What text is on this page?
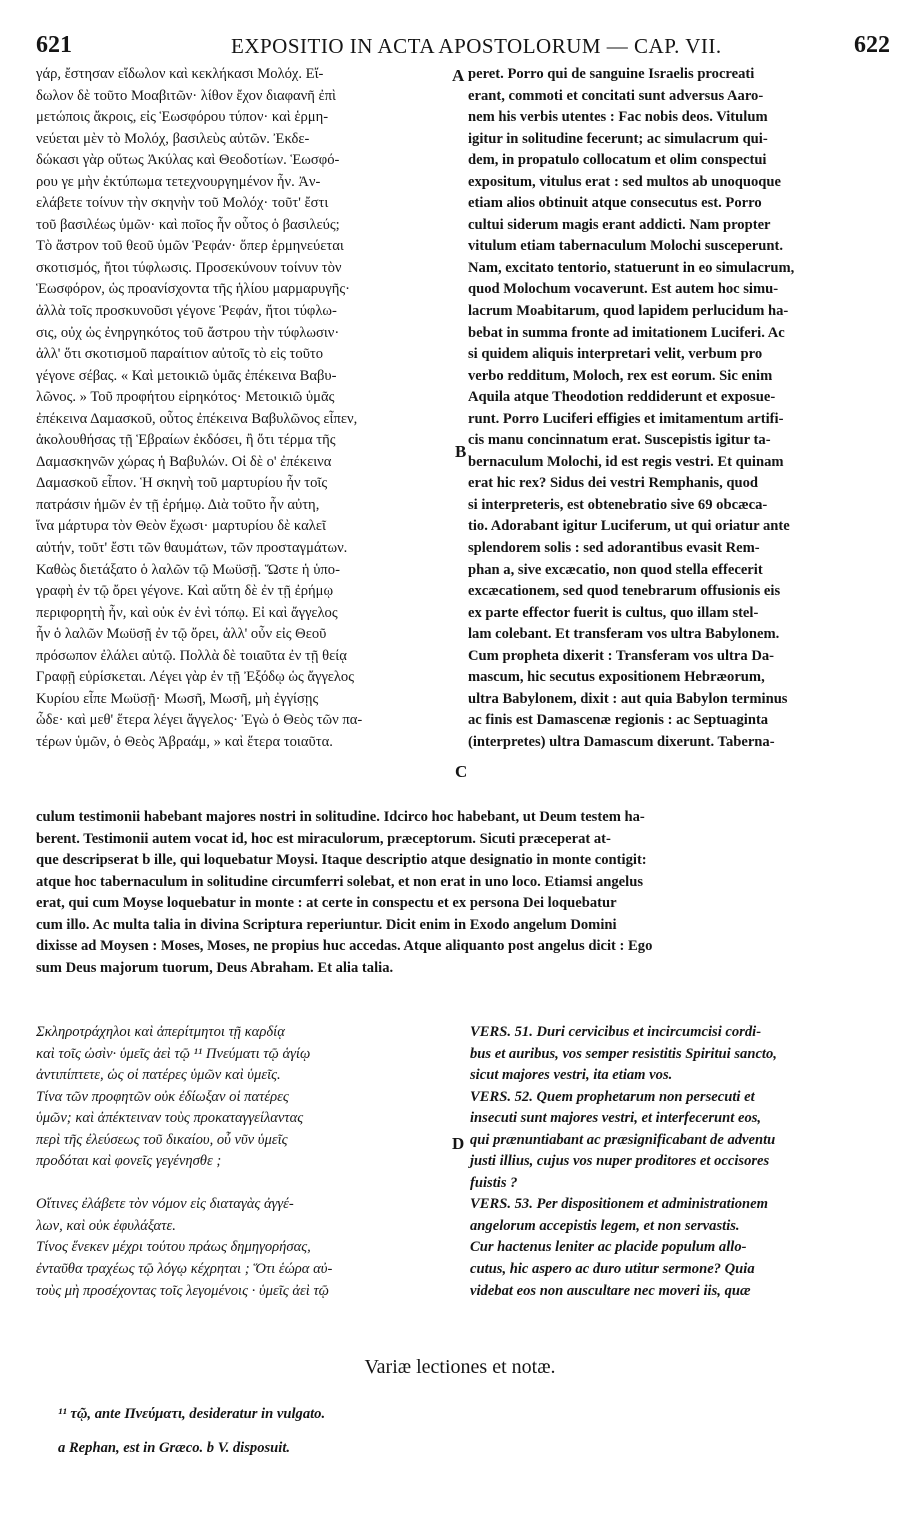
621	EXPOSITIO IN ACTA APOSTOLORUM — CAP. VII.	622
γάρ, ἔστησαν εἴδωλον καὶ κεκλήκασι Μολόχ. Εἴ-
δωλον δὲ τοῦτο Μοαβιτῶν· λίθον ἔχον διαφανῆ ἐπὶ
μετώποις ἄκροις, εἰς Ἑωσφόρου τύπον· καὶ ἑρμη-
νεύεται μὲν τὸ Μολόχ, βασιλεὺς αὐτῶν. Ἐκδε-
δώκασι γὰρ οὕτως Ἀκύλας καὶ Θεοδοτίων. Ἑωσφό-
ρου γε μὴν ἐκτύπωμα τετεχνουργημένον ἦν. Ἀν-
ελάβετε τοίνυν τὴν σκηνὴν τοῦ Μολόχ· τοῦτ' ἔστι
τοῦ βασιλέως ὑμῶν· καὶ ποῖος ἦν οὗτος ὁ βασιλεύς;
Τὸ ἄστρον τοῦ θεοῦ ὑμῶν Ῥεφάν· ὅπερ ἑρμηνεύεται
σκοτισμός, ἤτοι τύφλωσις. Προσεκύνουν τοίνυν τὸν
Ἑωσφόρον, ὡς προανίσχοντα τῆς ἡλίου μαρμαρυγῆς·
ἀλλὰ τοῖς προσκυνοῦσι γέγονε Ῥεφάν, ἤτοι τύφλω-
σις, οὐχ ὡς ἐνηργηκότος τοῦ ἄστρου τὴν τύφλωσιν·
ἀλλ' ὅτι σκοτισμοῦ παραίτιον αὐτοῖς τὸ εἰς τοῦτο
γέγονε σέβας. « Καὶ μετοικιῶ ὑμᾶς ἐπέκεινα Βαβυ-
λῶνος. » Τοῦ προφήτου εἰρηκότος· Μετοικιῶ ὑμᾶς
ἐπέκεινα Δαμασκοῦ, οὗτος ἐπέκεινα Βαβυλῶνος εἶπεν,
ἀκολουθήσας τῇ Ἑβραίων ἐκδόσει, ἢ ὅτι τέρμα τῆς
Δαμασκηνῶν χώρας ἡ Βαβυλών. Οἱ δὲ ο' ἐπέκεινα
Δαμασκοῦ εἶπον. Ἡ σκηνὴ τοῦ μαρτυρίου ἦν τοῖς
πατράσιν ἡμῶν ἐν τῇ ἐρήμῳ. Διὰ τοῦτο ἦν αὐτη,
ἵνα μάρτυρα τὸν Θεὸν ἔχωσι· μαρτυρίου δὲ καλεῖ
αὐτήν, τοῦτ' ἔστι τῶν θαυμάτων, τῶν προσταγμάτων.
Καθὼς διετάξατο ὁ λαλῶν τῷ Μωϋσῇ. Ὥστε ἡ ὑπο-
γραφὴ ἐν τῷ ὄρει γέγονε. Καὶ αὕτη δὲ ἐν τῇ ἐρήμῳ
περιφορητὴ ἦν, καὶ οὐκ ἐν ἑνὶ τόπῳ. Εἰ καὶ ἄγγελος
ἦν ὁ λαλῶν Μωϋσῇ ἐν τῷ ὄρει, ἀλλ' οὖν εἰς Θεοῦ
πρόσωπον ἐλάλει αὐτῷ. Πολλὰ δὲ τοιαῦτα ἐν τῇ θείᾳ
Γραφῇ εὑρίσκεται. Λέγει γὰρ ἐν τῇ Ἐξόδῳ ὡς ἄγγελος
Κυρίου εἶπε Μωϋσῇ· Μωσῆ, Μωσῆ, μὴ ἐγγίσῃς
ὧδε· καὶ μεθ' ἕτερα λέγει ἄγγελος· Ἐγὼ ὁ Θεὸς τῶν πα-
τέρων ὑμῶν, ὁ Θεὸς Ἀβραάμ, » καὶ ἕτερα τοιαῦτα.
peret. Porro qui de sanguine Israelis procreati
erant, commoti et concitati sunt adversus Aaro-
nem his verbis utentes : Fac nobis deos. Vitulum
igitur in solitudine fecerunt; ac simulacrum qui-
dem, in propatulo collocatum et olim conspectui
expositum, vitulus erat : sed multos ab unoquoque
etiam alios obtinuit atque consecutus est. Porro
cultui siderum magis erant addicti. Nam propter
vitulum etiam tabernaculum Molochi susceperunt.
Nam, excitato tentorio, statuerunt in eo simulacrum,
quod Molochum vocaverunt. Est autem hoc simu-
lacrum Moabitarum, quod lapidem perlucidum ha-
bebat in summa fronte ad imitationem Luciferi. Ac
si quidem aliquis interpretari velit, verbum pro
verbo redditum, Moloch, rex est eorum. Sic enim
Aquila atque Theodotion reddiderunt et exposue-
runt. Porro Luciferi effigies et imitamentum artifi-
cis manu concinnatum erat. Suscepistis igitur ta-
bernaculum Molochi, id est regis vestri. Et quinam
erat hic rex? Sidus dei vestri Remphanis, quod
si interpreteris, est obtenebratio sive 69 obcæca-
tio. Adorabant igitur Luciferum, ut qui oriatur ante
splendorem solis : sed adorantibus evasit Rem-
phan a, sive excæcatio, non quod stella effecerit
excæcationem, sed quod tenebrarum offusionis eis
ex parte effector fuerit is cultus, quo illam stel-
lam colebant. Et transferam vos ultra Babylonem.
Cum propheta dixerit : Transferam vos ultra Da-
mascum, hic secutus expositionem Hebræorum,
ultra Babylonem, dixit : aut quia Babylon terminus
ac finis est Damascenæ regionis : ac Septuaginta
(interpretes) ultra Damascum dixerunt. Taberna-
A
B
C
D
culum testimonii habebant majores nostri in solitudine. Idcirco hoc habebant, ut Deum testem ha-
berent. Testimonii autem vocat id, hoc est miraculorum, præceptorum. Sicuti præceperat at-
que descripserat b ille, qui loquebatur Moysi. Itaque descriptio atque designatio in monte contigit:
atque hoc tabernaculum in solitudine circumferri solebat, et non erat in uno loco. Etiamsi angelus
erat, qui cum Moyse loquebatur in monte : at certe in conspectu et ex persona Dei loquebatur
cum illo. Ac multa talia in divina Scriptura reperiuntur. Dicit enim in Exodo angelum Domini
dixisse ad Moysen : Moses, Moses, ne propius huc accedas. Atque aliquanto post angelus dicit : Ego
sum Deus majorum tuorum, Deus Abraham. Et alia talia.
Σκληροτράχηλοι καὶ ἀπερίτμητοι τῇ καρδίᾳ
καὶ τοῖς ὠσὶν· ὑμεῖς ἀεὶ τῷ ¹¹ Πνεύματι τῷ ἁγίῳ
ἀντιπίπτετε, ὡς οἱ πατέρες ὑμῶν καὶ ὑμεῖς.
Τίνα τῶν προφητῶν οὐκ ἐδίωξαν οἱ πατέρες
ὑμῶν; καὶ ἀπέκτειναν τοὺς προκαταγγείλαντας
περὶ τῆς ἐλεύσεως τοῦ δικαίου, οὗ νῦν ὑμεῖς
προδόται καὶ φονεῖς γεγένησθε ;
Οἵτινες ἐλάβετε τὸν νόμον εἰς διαταγὰς ἀγγέ-
λων, καὶ οὐκ ἐφυλάξατε.
Τίνος ἕνεκεν μέχρι τούτου πράως δημηγορήσας,
ἐνταῦθα τραχέως τῷ λόγῳ κέχρηται ; Ὅτι ἑώρα αὐ-
τοὺς μὴ προσέχοντας τοῖς λεγομένοις · ὑμεῖς ἀεὶ τῷ
VERS. 51. Duri cervicibus et incircumcisi cordi-
bus et auribus, vos semper resistitis Spiritui sancto,
sicut majores vestri, ita etiam vos.
VERS. 52. Quem prophetarum non persecuti et
insecuti sunt majores vestri, et interfecerunt eos,
qui prænuntiabant ac præsignificabant de adventu
justi illius, cujus vos nuper proditores et occisores
fuistis ?
VERS. 53. Per dispositionem et administrationem
angelorum accepistis legem, et non servastis.
Cur hactenus leniter ac placide populum allo-
cutus, hic aspero ac duro utitur sermone? Quia
videbat eos non auscultare nec moveri iis, quæ
Variæ lectiones et notæ.
¹¹ τῷ, ante Πνεύματι, desideratur in vulgato.
a Rephan, est in Græco. b V. disposuit.
